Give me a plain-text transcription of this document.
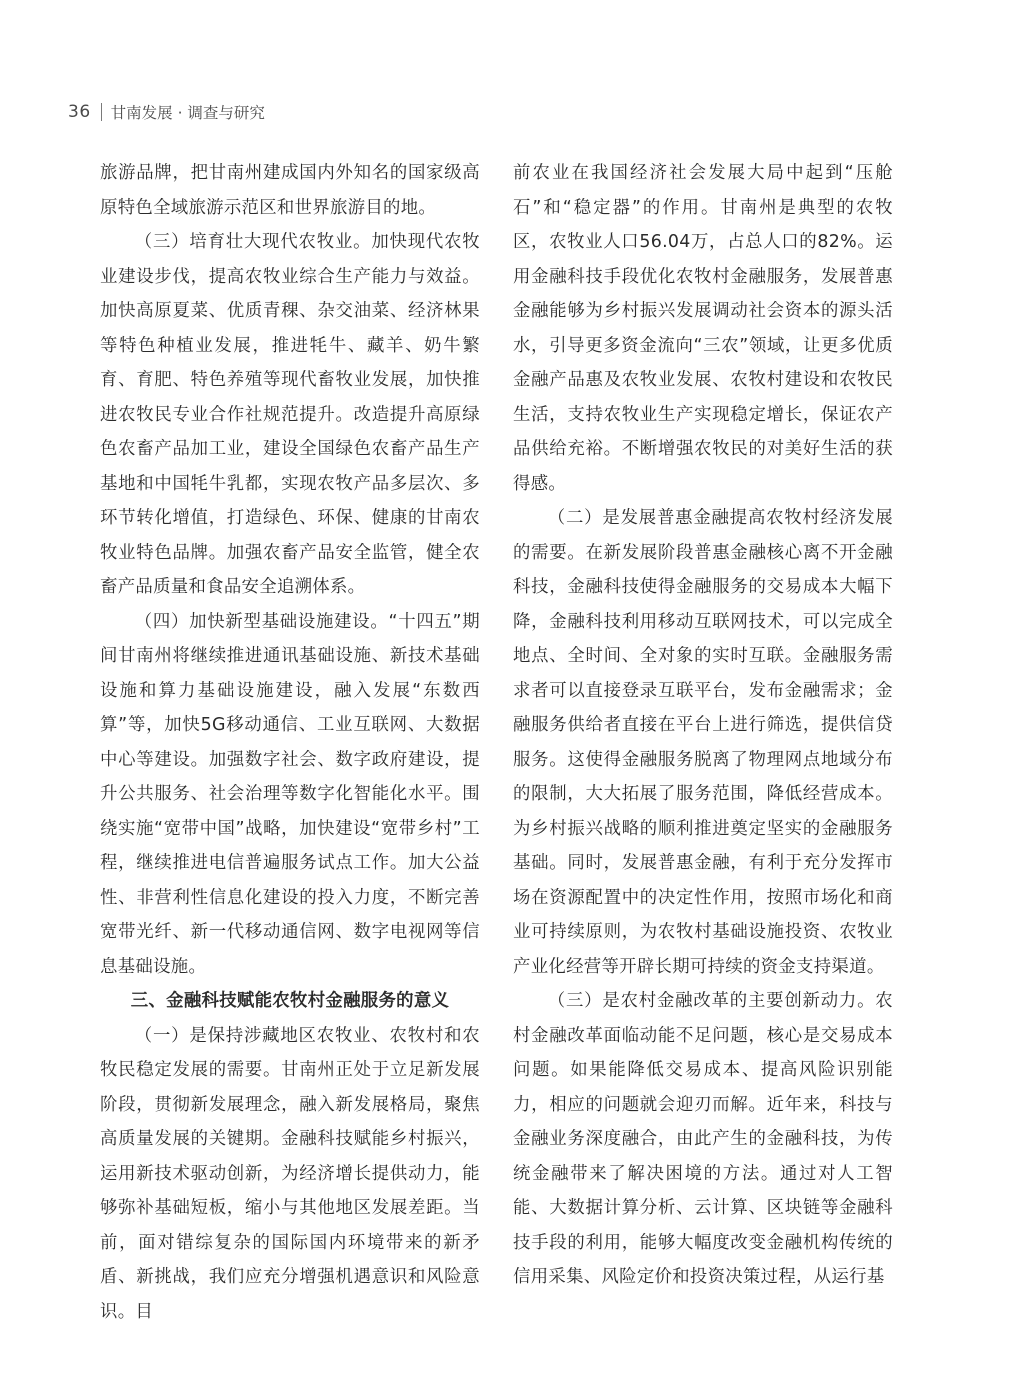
36 甘南发展 · 调查与研究

旅游品牌，把甘南州建成国内外知名的国家级高原特色全域旅游示范区和世界旅游目的地。

（三）培育壮大现代农牧业。加快现代农牧业建设步伐，提高农牧业综合生产能力与效益。加快高原夏菜、优质青稞、杂交油菜、经济林果等特色种植业发展，推进牦牛、藏羊、奶牛繁育、育肥、特色养殖等现代畜牧业发展，加快推进农牧民专业合作社规范提升。改造提升高原绿色农畜产品加工业，建设全国绿色农畜产品生产基地和中国牦牛乳都，实现农牧产品多层次、多环节转化增值，打造绿色、环保、健康的甘南农牧业特色品牌。加强农畜产品安全监管，健全农畜产品质量和食品安全追溯体系。

（四）加快新型基础设施建设。“十四五”期间甘南州将继续推进通讯基础设施、新技术基础设施和算力基础设施建设，融入发展“东数西算”等，加快5G移动通信、工业互联网、大数据中心等建设。加强数字社会、数字政府建设，提升公共服务、社会治理等数字化智能化水平。围绕实施“宽带中国”战略，加快建设“宽带乡村”工程，继续推进电信普遍服务试点工作。加大公益性、非营利性信息化建设的投入力度，不断完善宽带光纤、新一代移动通信网、数字电视网等信息基础设施。

三、金融科技赋能农牧村金融服务的意义

（一）是保持涉藏地区农牧业、农牧村和农牧民稳定发展的需要。甘南州正处于立足新发展阶段，贯彻新发展理念，融入新发展格局，聚焦高质量发展的关键期。金融科技赋能乡村振兴，运用新技术驱动创新，为经济增长提供动力，能够弥补基础短板，缩小与其他地区发展差距。当前，面对错综复杂的国际国内环境带来的新矛盾、新挑战，我们应充分增强机遇意识和风险意识。目

前农业在我国经济社会发展大局中起到“压舱石”和“稳定器”的作用。甘南州是典型的农牧区，农牧业人口56.04万，占总人口的82%。运用金融科技手段优化农牧村金融服务，发展普惠金融能够为乡村振兴发展调动社会资本的源头活水，引导更多资金流向“三农”领域，让更多优质金融产品惠及农牧业发展、农牧村建设和农牧民生活，支持农牧业生产实现稳定增长，保证农产品供给充裕。不断增强农牧民的对美好生活的获得感。

（二）是发展普惠金融提高农牧村经济发展的需要。在新发展阶段普惠金融核心离不开金融科技，金融科技使得金融服务的交易成本大幅下降，金融科技利用移动互联网技术，可以完成全地点、全时间、全对象的实时互联。金融服务需求者可以直接登录互联平台，发布金融需求；金融服务供给者直接在平台上进行筛选，提供信贷服务。这使得金融服务脱离了物理网点地域分布的限制，大大拓展了服务范围，降低经营成本。为乡村振兴战略的顺利推进奠定坚实的金融服务基础。同时，发展普惠金融，有利于充分发挥市场在资源配置中的决定性作用，按照市场化和商业可持续原则，为农牧村基础设施投资、农牧业产业化经营等开辟长期可持续的资金支持渠道。

（三）是农村金融改革的主要创新动力。农村金融改革面临动能不足问题，核心是交易成本问题。如果能降低交易成本、提高风险识别能力，相应的问题就会迎刃而解。近年来，科技与金融业务深度融合，由此产生的金融科技，为传统金融带来了解决困境的方法。通过对人工智能、大数据计算分析、云计算、区块链等金融科技手段的利用，能够大幅度改变金融机构传统的信用采集、风险定价和投资决策过程，从运行基
